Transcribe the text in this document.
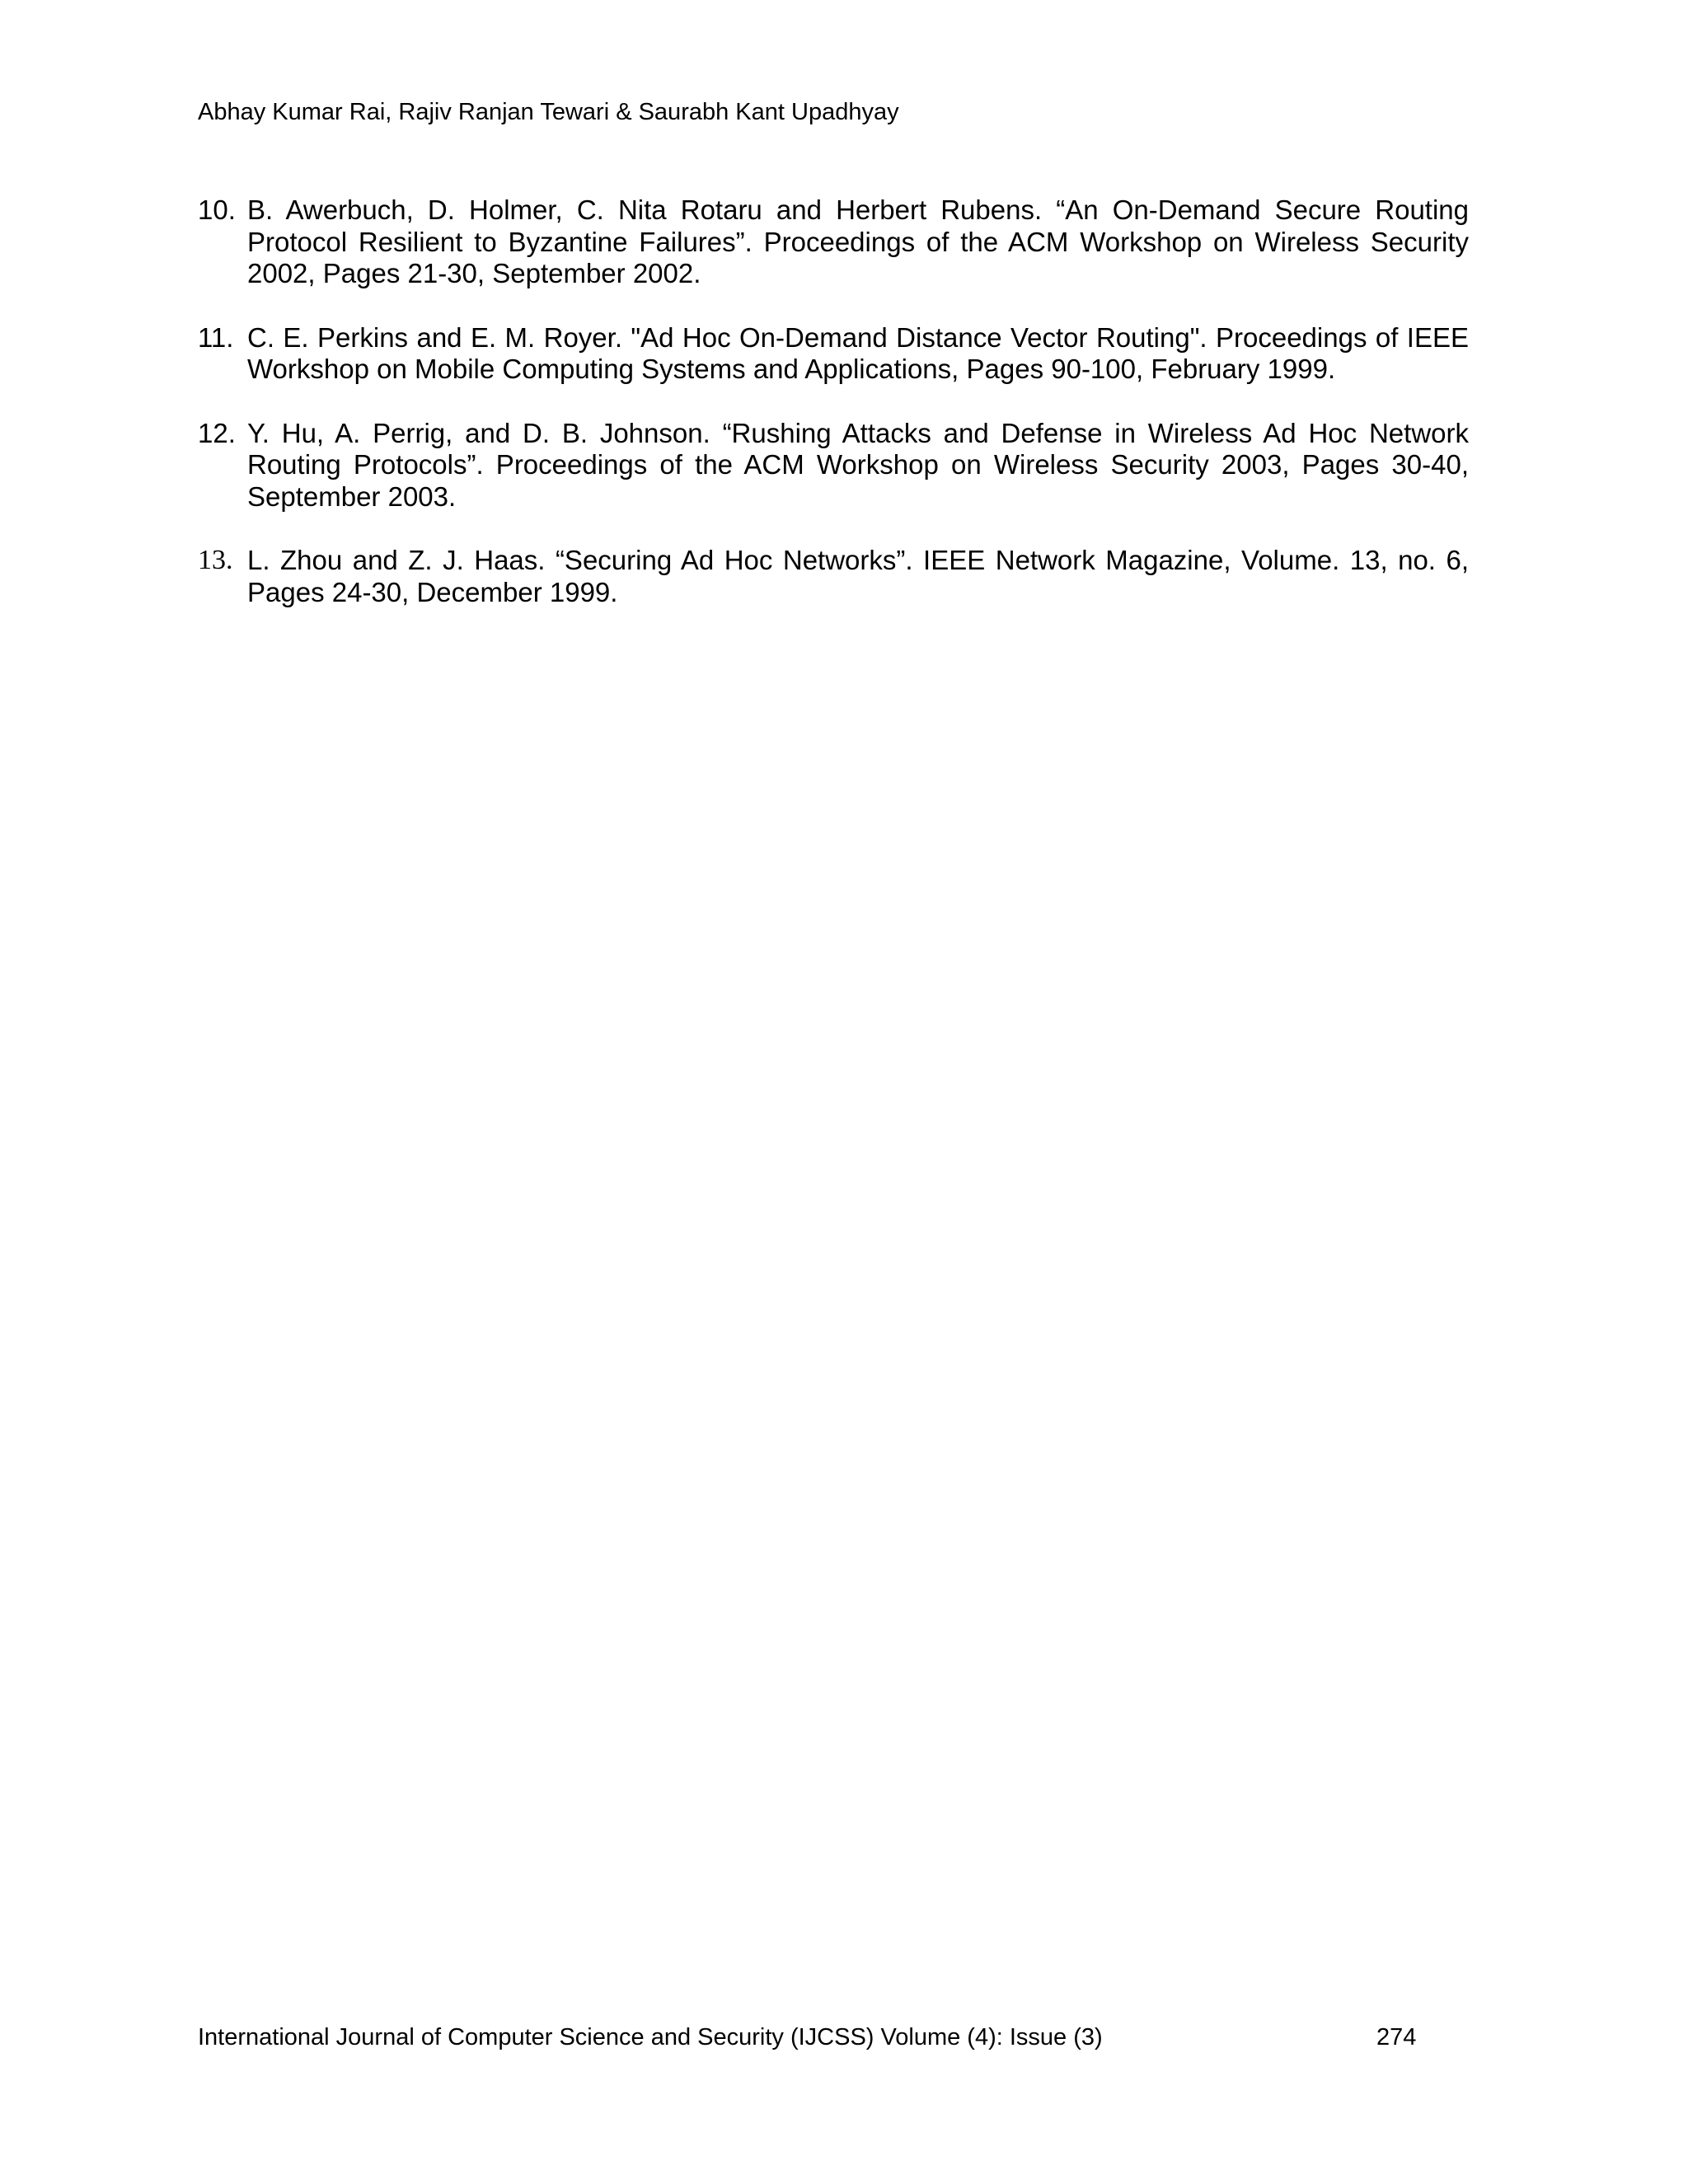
Abhay Kumar Rai, Rajiv Ranjan Tewari & Saurabh Kant Upadhyay
10. B. Awerbuch, D. Holmer, C. Nita Rotaru and Herbert Rubens. “An On-Demand Secure Routing Protocol Resilient to Byzantine Failures”. Proceedings of the ACM Workshop on Wireless Security 2002, Pages 21-30, September 2002.
11. C. E. Perkins and E. M. Royer. "Ad Hoc On-Demand Distance Vector Routing". Proceedings of IEEE Workshop on Mobile Computing Systems and Applications, Pages 90-100, February 1999.
12. Y. Hu, A. Perrig, and D. B. Johnson. “Rushing Attacks and Defense in Wireless Ad Hoc Network Routing Protocols”. Proceedings of the ACM Workshop on Wireless Security 2003, Pages 30-40, September 2003.
13. L. Zhou and Z. J. Haas. “Securing Ad Hoc Networks”. IEEE Network Magazine, Volume. 13, no. 6, Pages 24-30, December 1999.
International Journal of Computer Science and Security (IJCSS) Volume (4): Issue (3)	274
